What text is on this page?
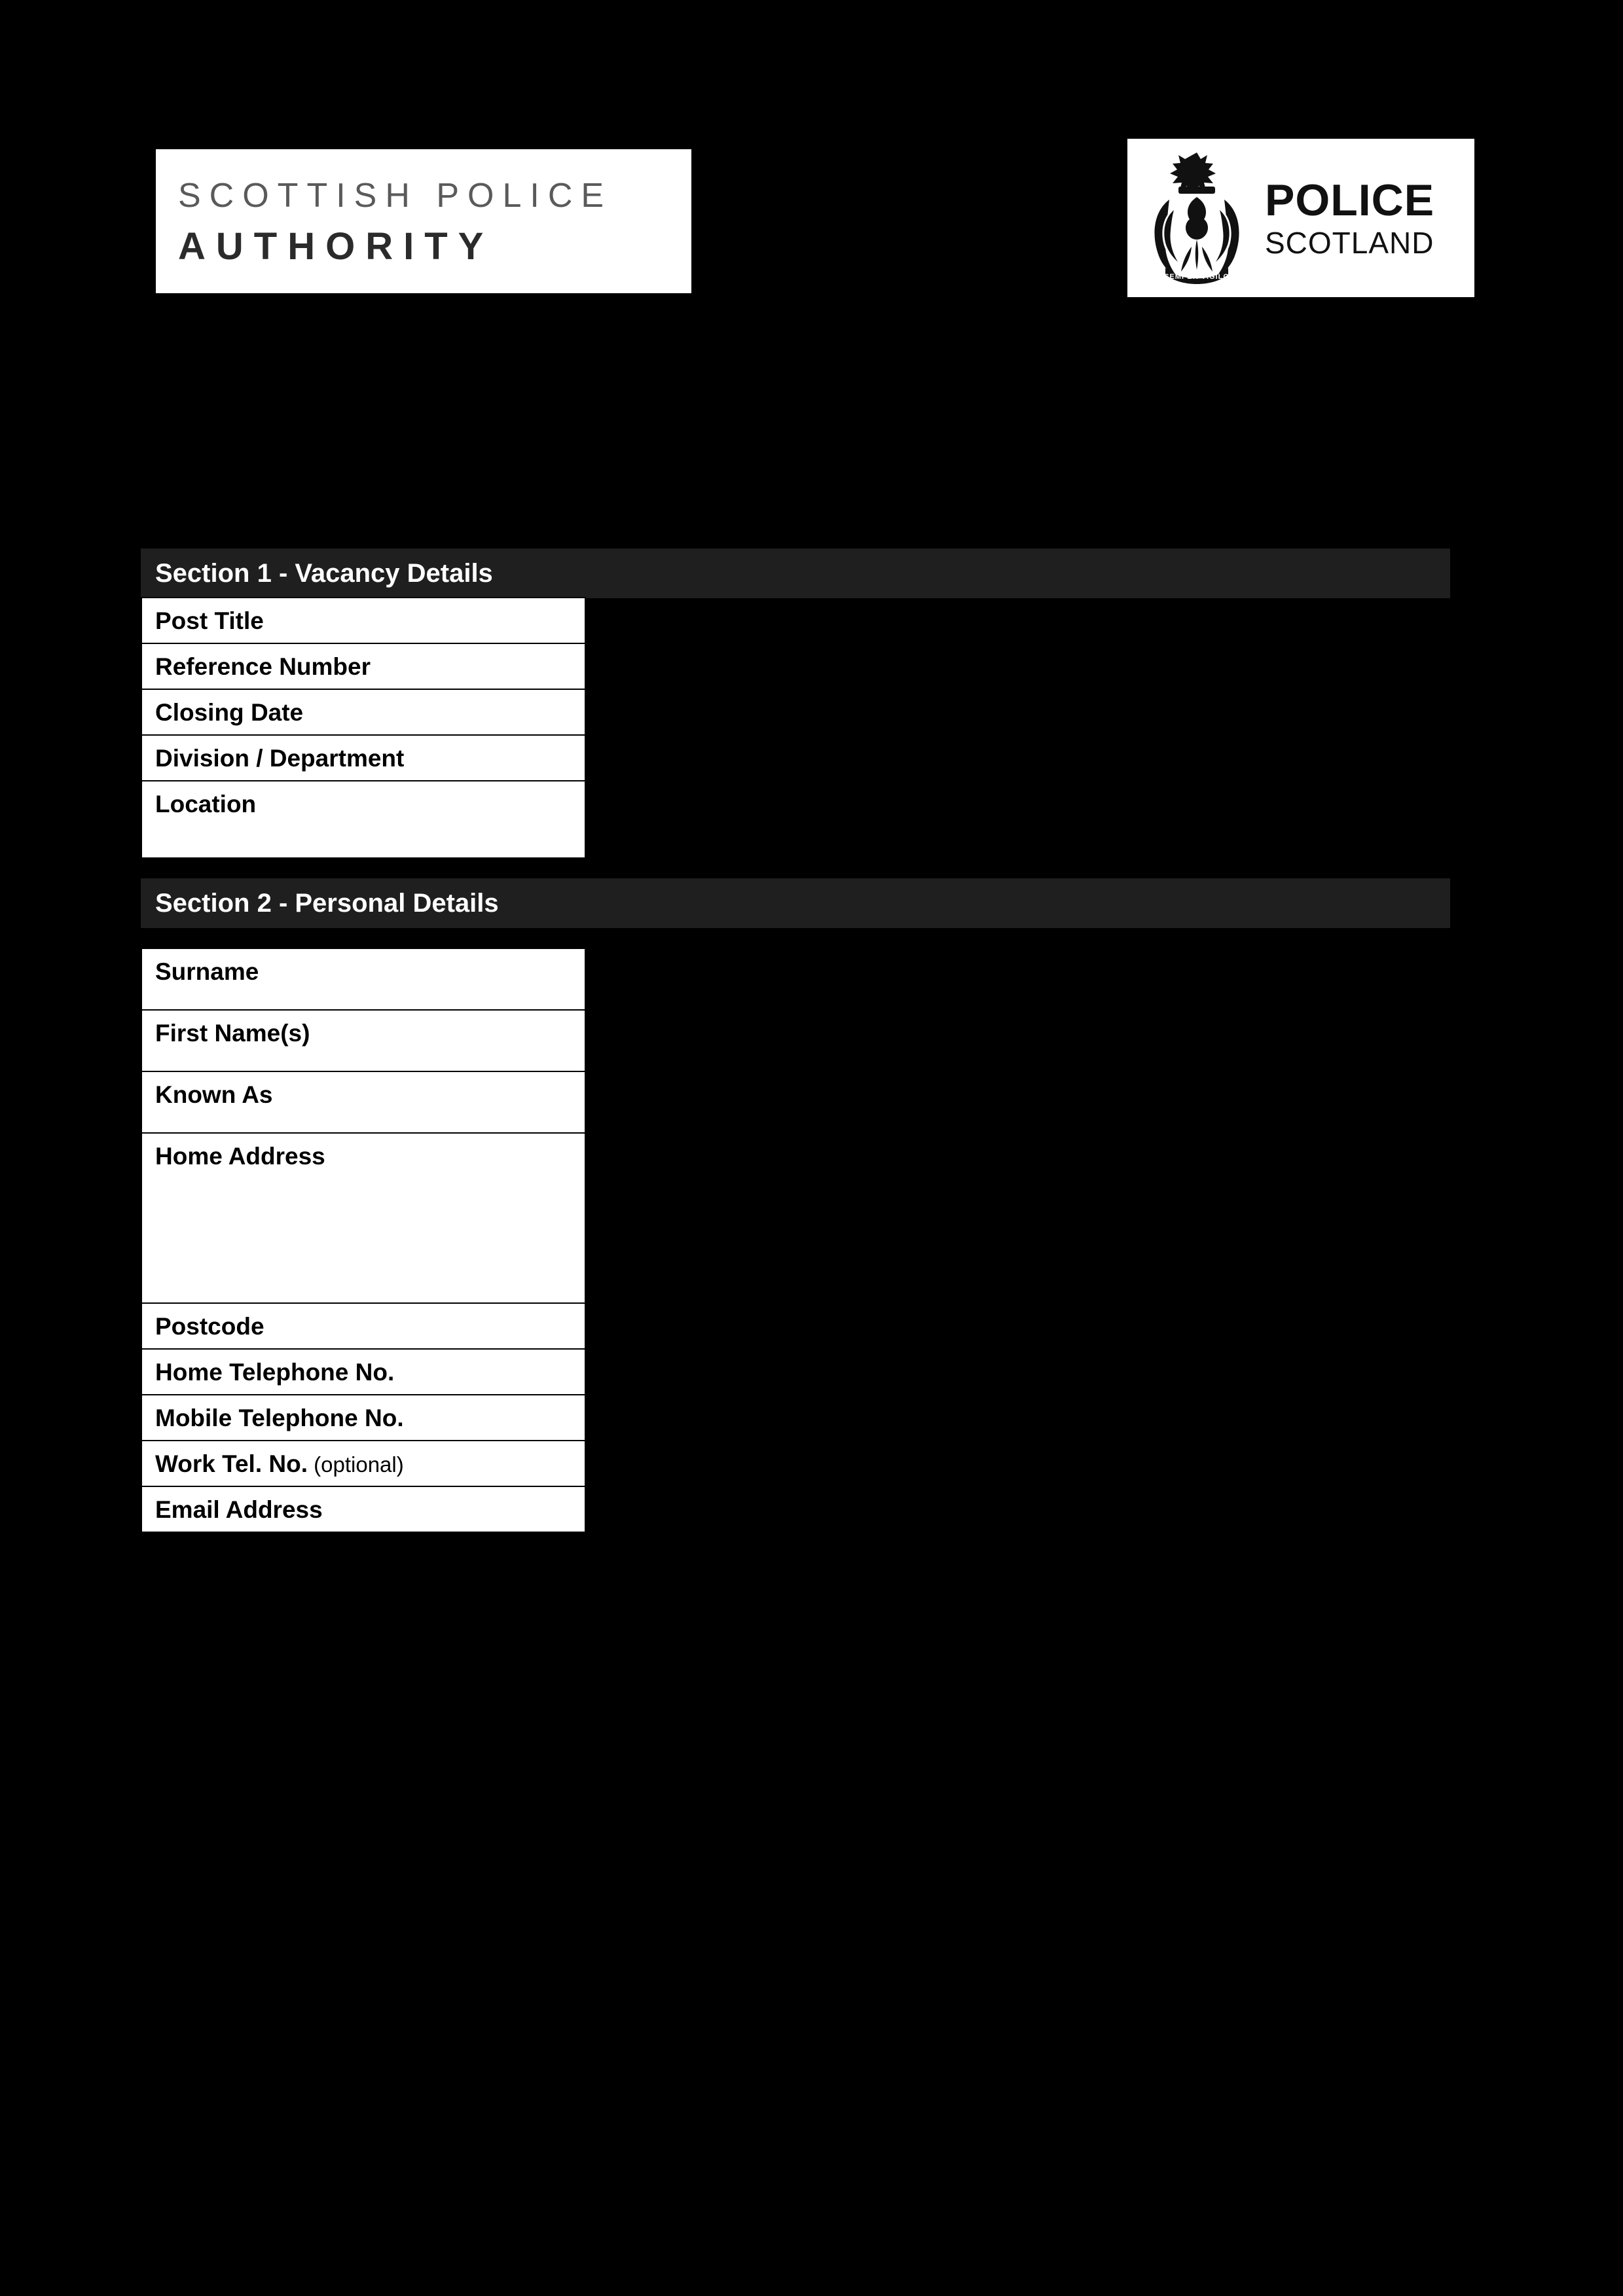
SCOTTISH POLICE
AUTHORITY
SEMPER VIGILO
POLICE
SCOTLAND
Section 1 - Vacancy Details
Post Title
Reference Number
Closing Date
Division / Department
Location
Section 2 - Personal Details
Surname
First Name(s)
Known As
Home Address
Postcode
Home Telephone No.
Mobile Telephone No.
Work Tel. No. (optional)
Email Address
